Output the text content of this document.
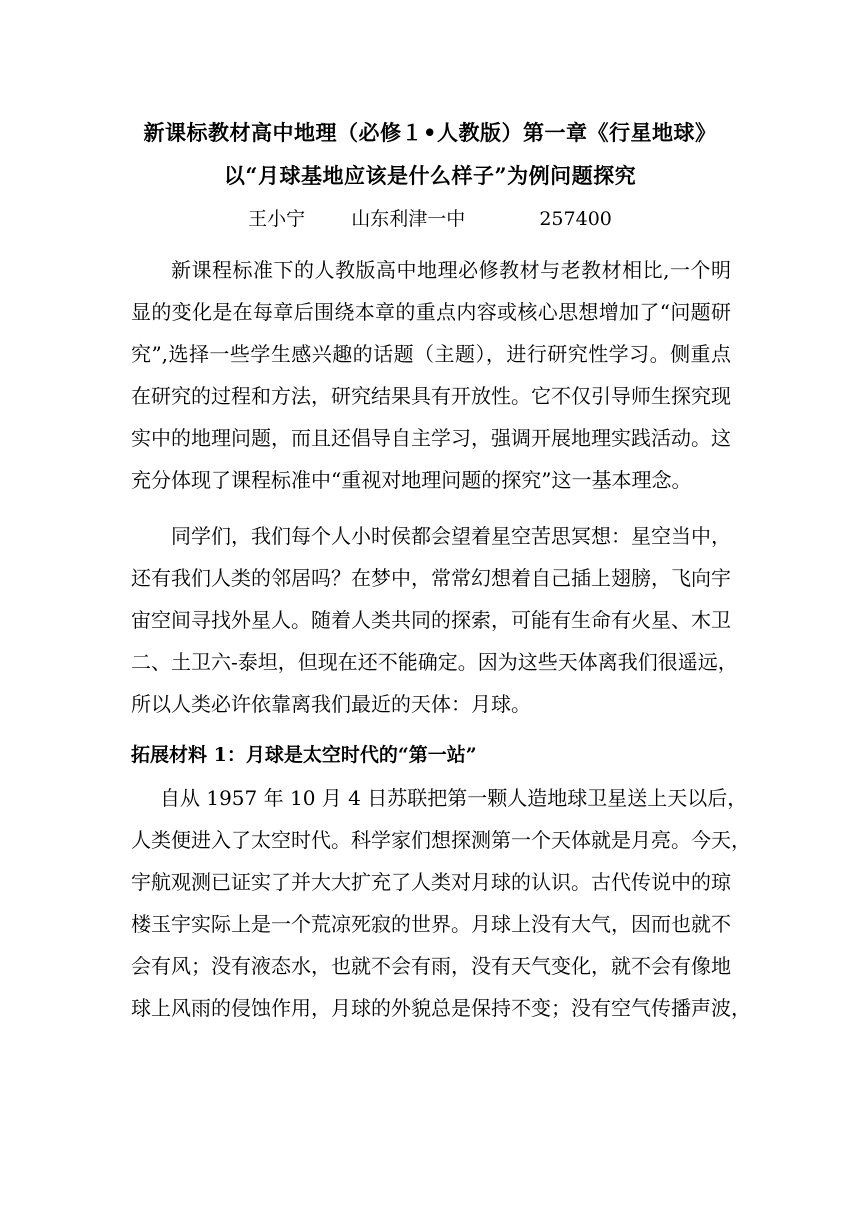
新课标教材高中地理（必修１•人教版）第一章《行星地球》
以“月球基地应该是什么样子”为例问题探究
王小宁 山东利津一中	257400
新课程标准下的人教版高中地理必修教材与老教材相比,一个明
显的变化是在每章后围绕本章的重点内容或核心思想增加了“问题研
究”,选择一些学生感兴趣的话题（主题），进行研究性学习。侧重点
在研究的过程和方法，研究结果具有开放性。它不仅引导师生探究现
实中的地理问题，而且还倡导自主学习，强调开展地理实践活动。这
充分体现了课程标准中“重视对地理问题的探究”这一基本理念。
同学们，我们每个人小时侯都会望着星空苦思冥想：星空当中，
还有我们人类的邻居吗？在梦中，常常幻想着自己插上翅膀，飞向宇
宙空间寻找外星人。随着人类共同的探索，可能有生命有火星、木卫
二、土卫六-泰坦，但现在还不能确定。因为这些天体离我们很遥远，
所以人类必许依靠离我们最近的天体：月球。
拓展材料 1：月球是太空时代的“第一站”
自从 1957 年 10 月 4 日苏联把第一颗人造地球卫星送上天以后，
人类便进入了太空时代。科学家们想探测第一个天体就是月亮。今天，
宇航观测已证实了并大大扩充了人类对月球的认识。古代传说中的琼
楼玉宇实际上是一个荒凉死寂的世界。月球上没有大气，因而也就不
会有风；没有液态水，也就不会有雨，没有天气变化，就不会有像地
球上风雨的侵蚀作用，月球的外貌总是保持不变；没有空气传播声波，
